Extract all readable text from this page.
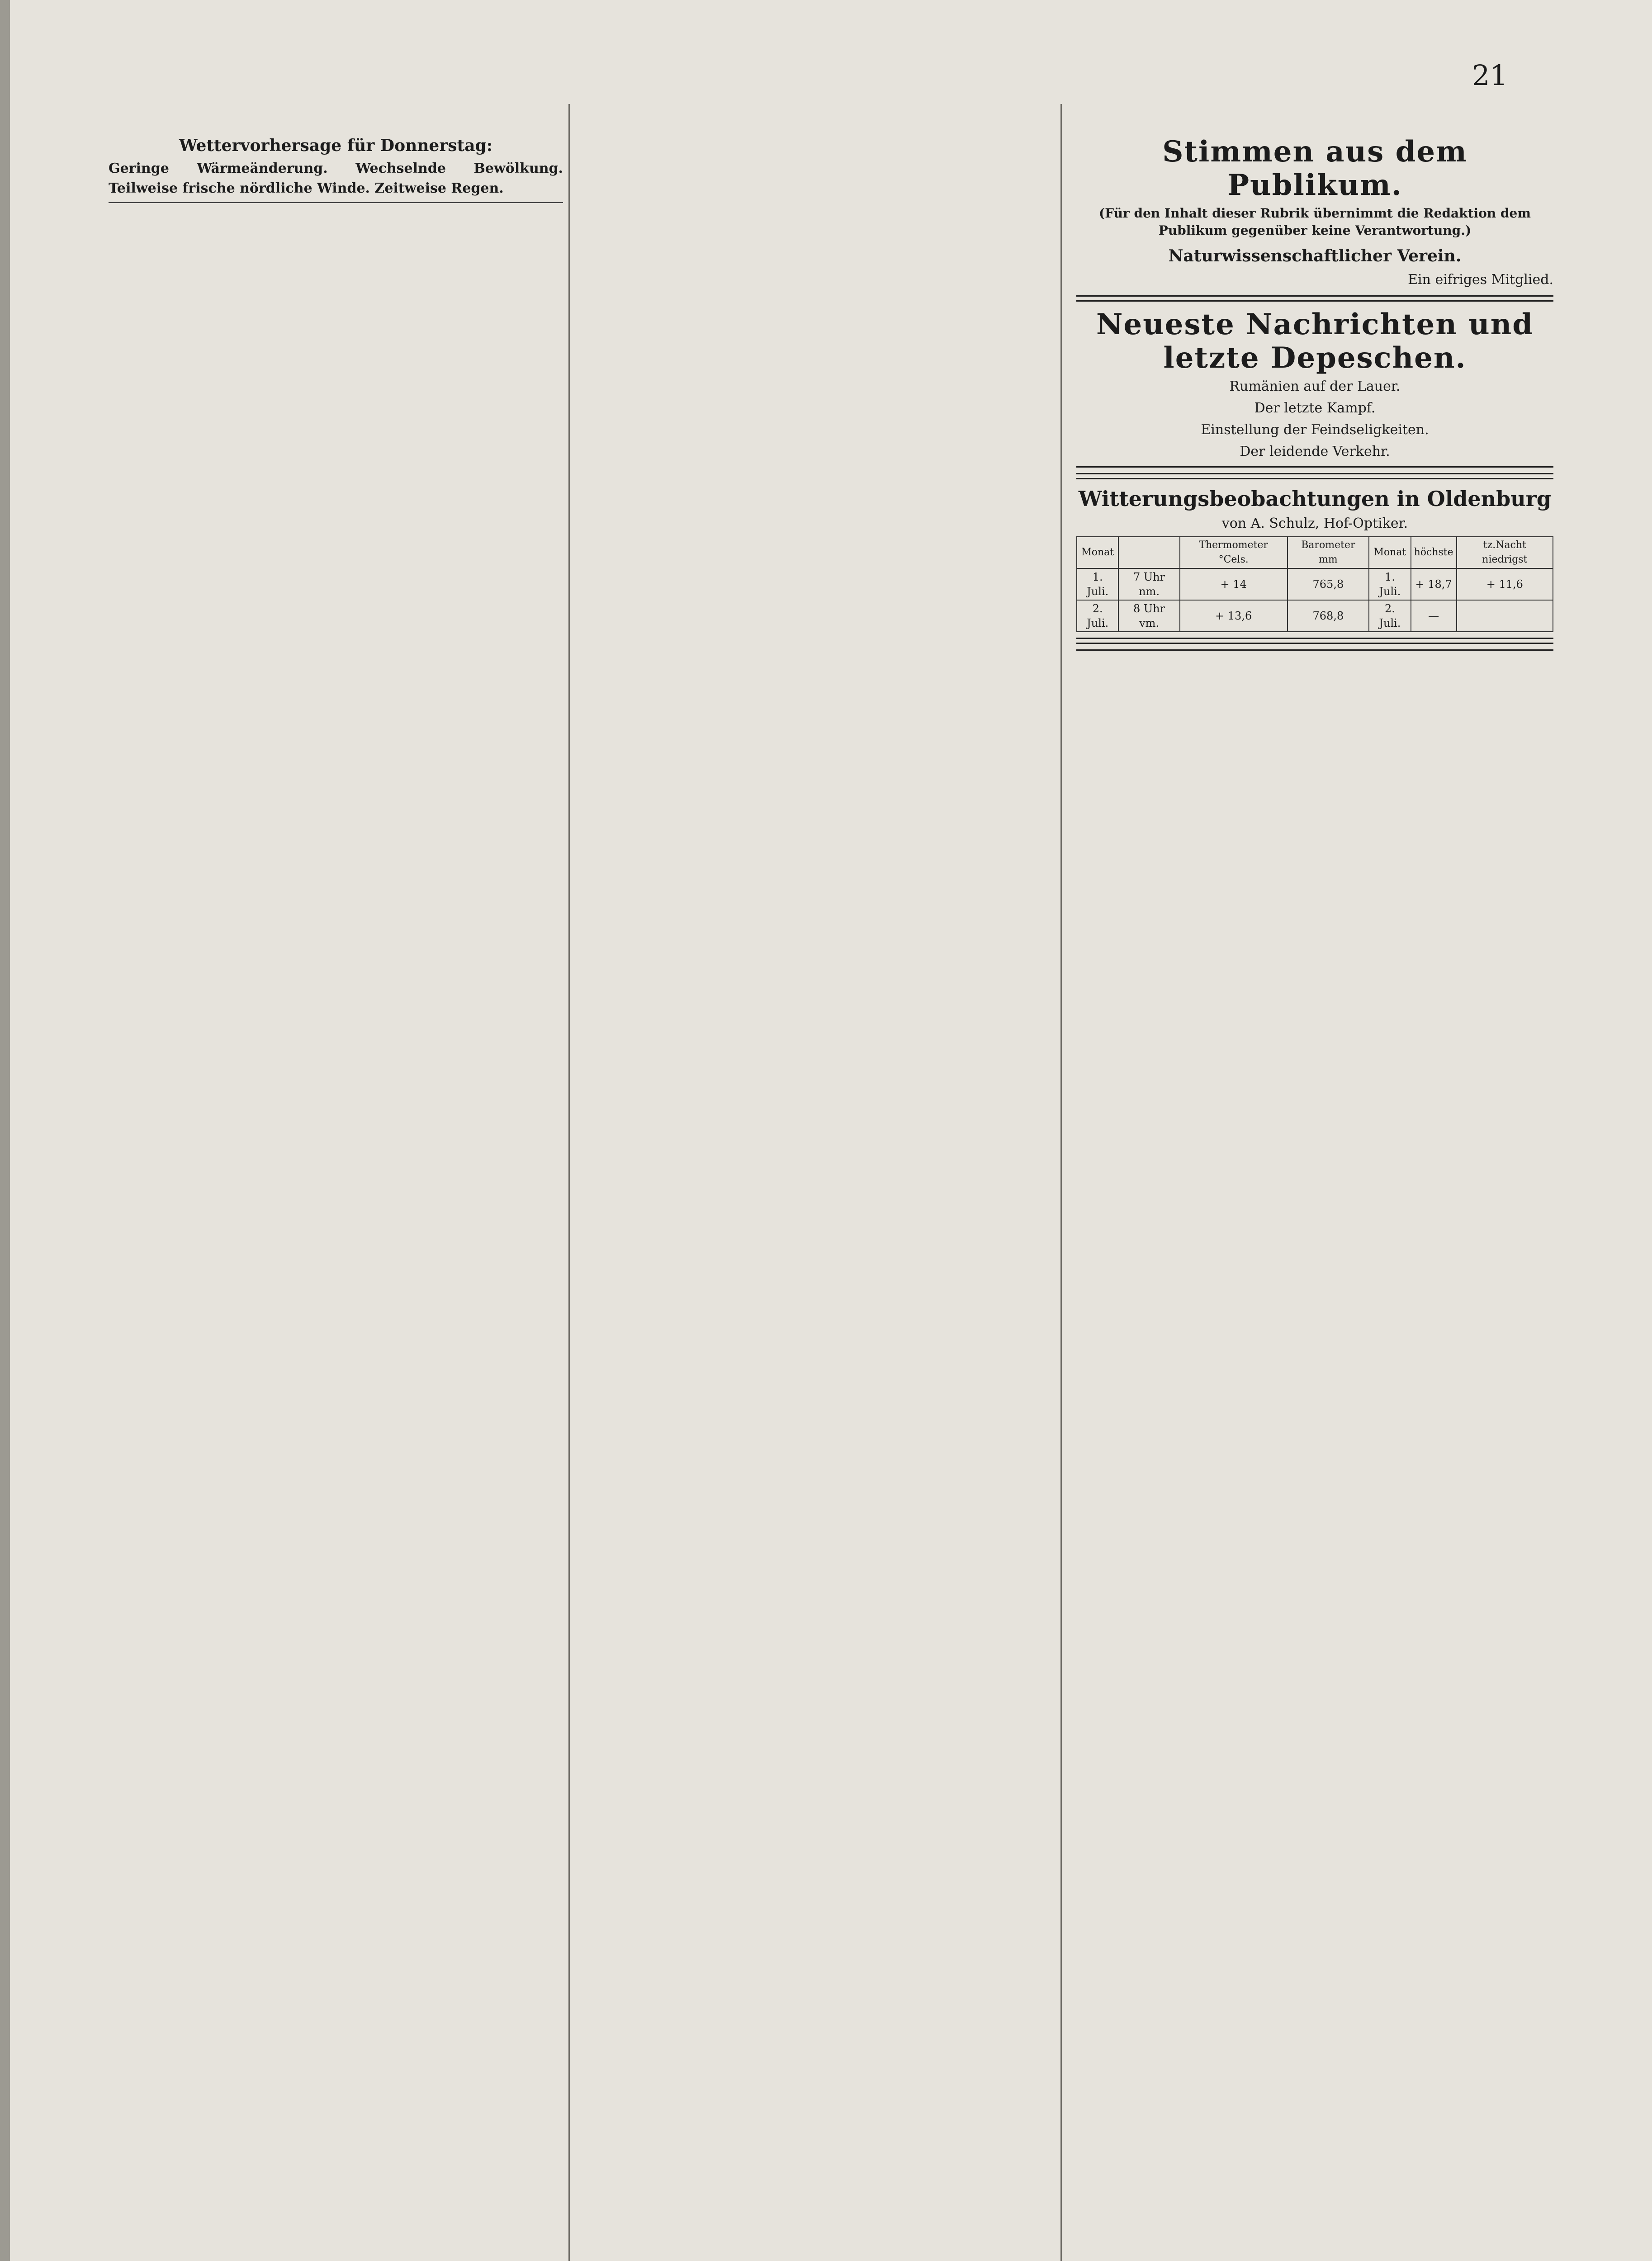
21

Wettervorhersage für Donnerstag:

Geringe Wärmeänderung. Wechselnde Bewölkung. Teilweise frische nördliche Winde. Zeitweise Regen.

Stimmen aus dem Publikum.
(Für den Inhalt dieser Rubrik übernimmt die Redaktion dem Publikum gegenüber keine Verantwortung.)
Naturwissenschaftlicher Verein.

Ein eifriges Mitglied.

Neueste Nachrichten und letzte Depeschen.
Rumänien auf der Lauer.

Der letzte Kampf.

Einstellung der Feindseligkeiten.

Der leidende Verkehr.

Witterungsbeobachtungen in Oldenburg
von A. Schulz, Hof-Optiker.
Monat		Thermometer °Cels.	Barometer mm	Monat	höchste	tz.Nacht niedrigst
1. Juli.	7 Uhr nm.	+ 14	765,8	1. Juli.	+ 18,7	+ 11,6
2. Juli.	8 Uhr vm.	+ 13,6	768,8	2. Juli.	—	
